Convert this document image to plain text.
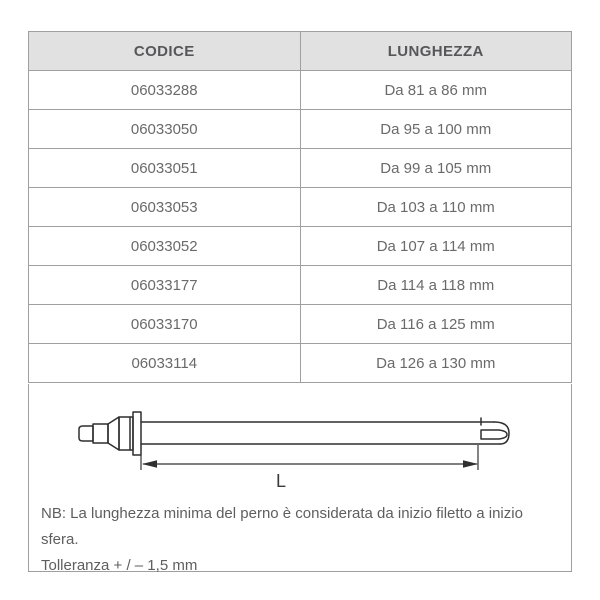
CODICE	LUNGHEZZA
06033288	Da 81 a 86 mm
06033050	Da 95 a 100 mm
06033051	Da 99 a 105 mm
06033053	Da 103 a 110 mm
06033052	Da 107 a 114 mm
06033177	Da 114 a 118 mm
06033170	Da 116 a 125 mm
06033114	Da 126 a 130 mm
L

NB: La lunghezza minima del perno è considerata da inizio filetto a inizio sfera.

Tolleranza + / – 1,5 mm
